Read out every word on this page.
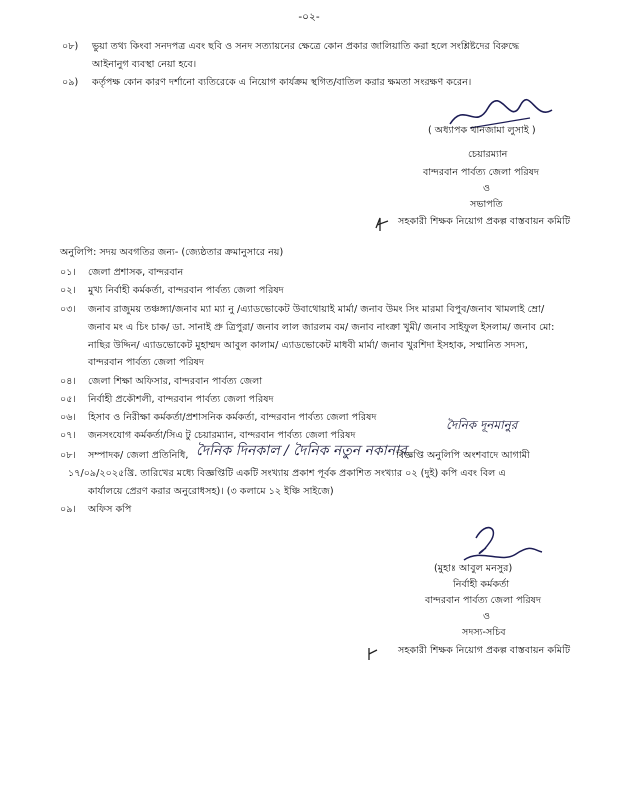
-০২-
০৮) ভুয়া তথ্য কিংবা সনদপত্র এবং ছবি ও সনদ সত্যায়নের ক্ষেত্রে কোন প্রকার জালিয়াতি করা হলে সংশ্লিষ্টদের বিরুদ্ধে
আইনানুগ ব্যবস্থা নেয়া হবে।
০৯) কর্তৃপক্ষ কোন কারণ দর্শানো ব্যতিরেকে এ নিয়োগ কার্যক্রম স্থগিত/বাতিল করার ক্ষমতা সংরক্ষণ করেন।
( অধ্যাপক থানজামা লুসাই )
চেয়ারম্যান
বান্দরবান পার্বত্য জেলা পরিষদ
ও
সভাপতি
সহকারী শিক্ষক নিয়োগ প্রকল্প বাস্তবায়ন কমিটি
অনুলিপি: সদয় অবগতির জন্য- (জ্যেষ্ঠতার ক্রমানুসারে নয়)
০১। জেলা প্রশাসক, বান্দরবান
০২। মুখ্য নির্বাহী কর্মকর্তা, বান্দরবান পার্বত্য জেলা পরিষদ
০৩। জনাব রাজুময় তঞ্চঙ্গ্যা/জনাব ম্যা ম্যা নু /এ্যাডভোকেট উবাথোয়াই মার্মা/ জনাব উমং সিং মারমা বিপুব/জনাব খামলাই ম্রো/
জনাব মং এ চিং চাক/ ডা. সানাই প্রু ত্রিপুরা/ জনাব লাল জারলম বম/ জনাব নাংক্রা খুমী/ জনাব সাইফুল ইসলাম/ জনাব মো:
নাছির উদ্দিন/ এ্যাডভোকেট মুহাম্মদ আবুল কালাম/ এ্যাডভোকেট মাধবী মার্মা/ জনাব খুরশিদা ইসহাক, সম্মানিত সদস্য,
বান্দরবান পার্বত্য জেলা পরিষদ
০৪। জেলা শিক্ষা অফিসার, বান্দরবান পার্বত্য জেলা
০৫। নির্বাহী প্রকৌশলী, বান্দরবান পার্বত্য জেলা পরিষদ
০৬। হিসাব ও নিরীক্ষা কর্মকর্তা/প্রশাসনিক কর্মকর্তা, বান্দরবান পার্বত্য জেলা পরিষদ
০৭। জনসংযোগ কর্মকর্তা/সিএ টু চেয়ারম্যান, বান্দরবান পার্বত্য জেলা পরিষদ
দৈনিক দূনমানুর
০৮। সম্পাদক/ জেলা প্রতিনিধি, দৈনিক দিনকাল / দৈনিক নতুন নকানার
বিজ্ঞপ্তি অনুলিপি অংশবাদে আগামী
১৭/০৯/২০২৫খ্রি. তারিখের মধ্যে বিজ্ঞপ্তিটি একটি সংখ্যায় প্রকাশ পূর্বক প্রকাশিত সংখ্যার ০২ (দুই) কপি এবং বিল এ
কার্যালয়ে প্রেরণ করার অনুরোধসহ)। (৩ কলামে ১২ ইঞ্চি সাইজে)
০৯। অফিস কপি
(মুহাঃ আবুল মনসুর)
নির্বাহী কর্মকর্তা
বান্দরবান পার্বত্য জেলা পরিষদ
ও
সদস্য-সচিব
সহকারী শিক্ষক নিয়োগ প্রকল্প বাস্তবায়ন কমিটি
